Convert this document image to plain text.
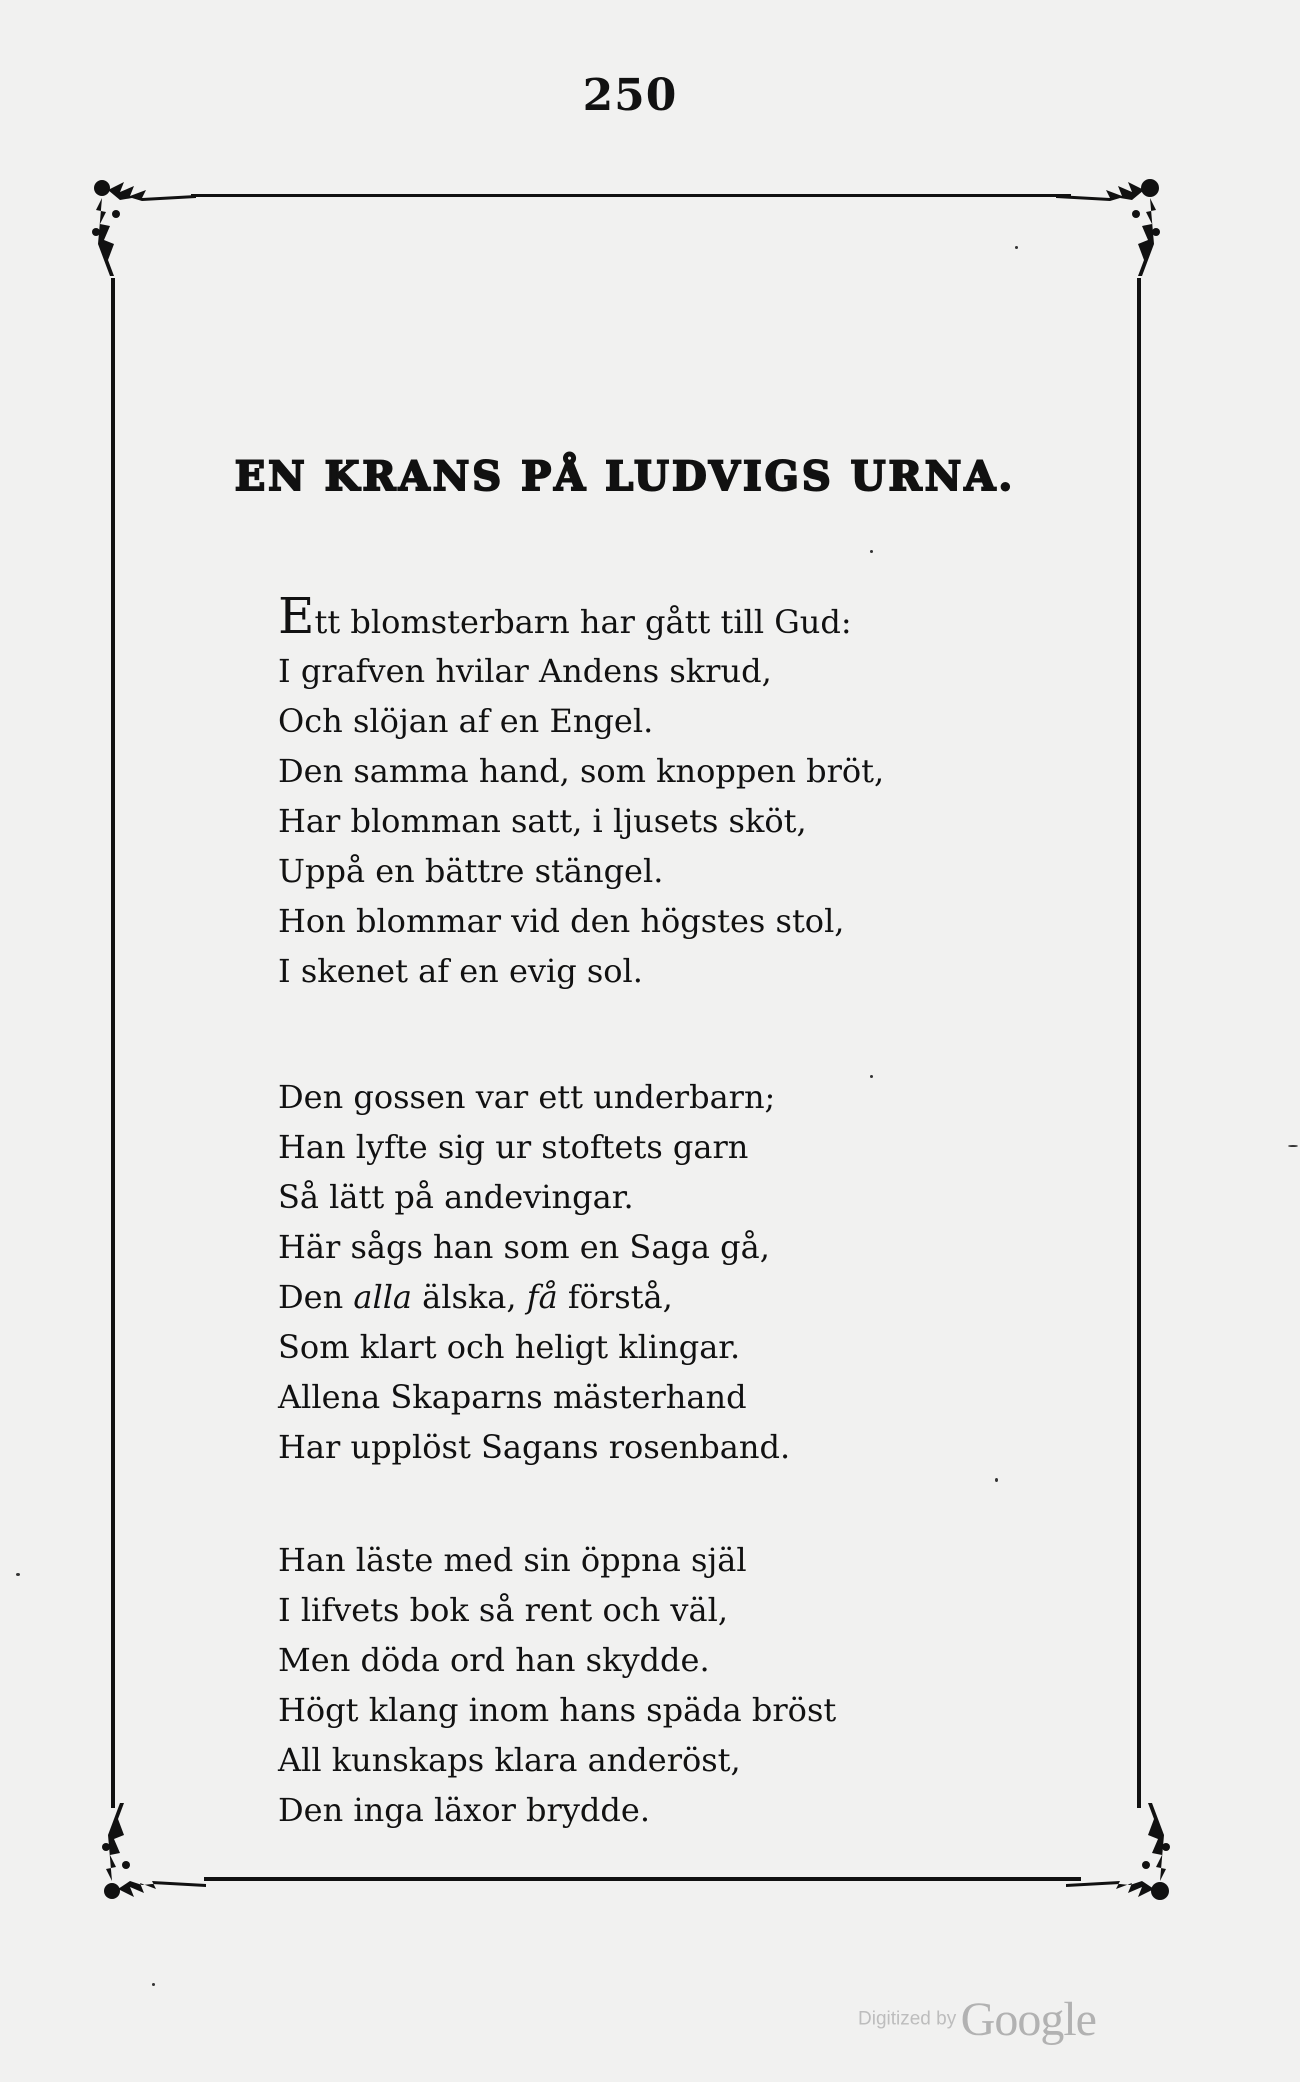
250
EN KRANS PÅ LUDVIGS URNA.

Ett blomsterbarn har gått till Gud:

I grafven hvilar Andens skrud,

Och slöjan af en Engel.

Den samma hand, som knoppen bröt,

Har blomman satt, i ljusets sköt,

Uppå en bättre stängel.

Hon blommar vid den högstes stol,

I skenet af en evig sol.

Den gossen var ett underbarn;

Han lyfte sig ur stoftets garn

Så lätt på andevingar.

Här sågs han som en Saga gå,

Den alla älska, få förstå,

Som klart och heligt klingar.

Allena Skaparns mästerhand

Har upplöst Sagans rosenband.

Han läste med sin öppna själ

I lifvets bok så rent och väl,

Men döda ord han skydde.

Högt klang inom hans späda bröst

All kunskaps klara anderöst,

Den inga läxor brydde.

Digitized by Google
